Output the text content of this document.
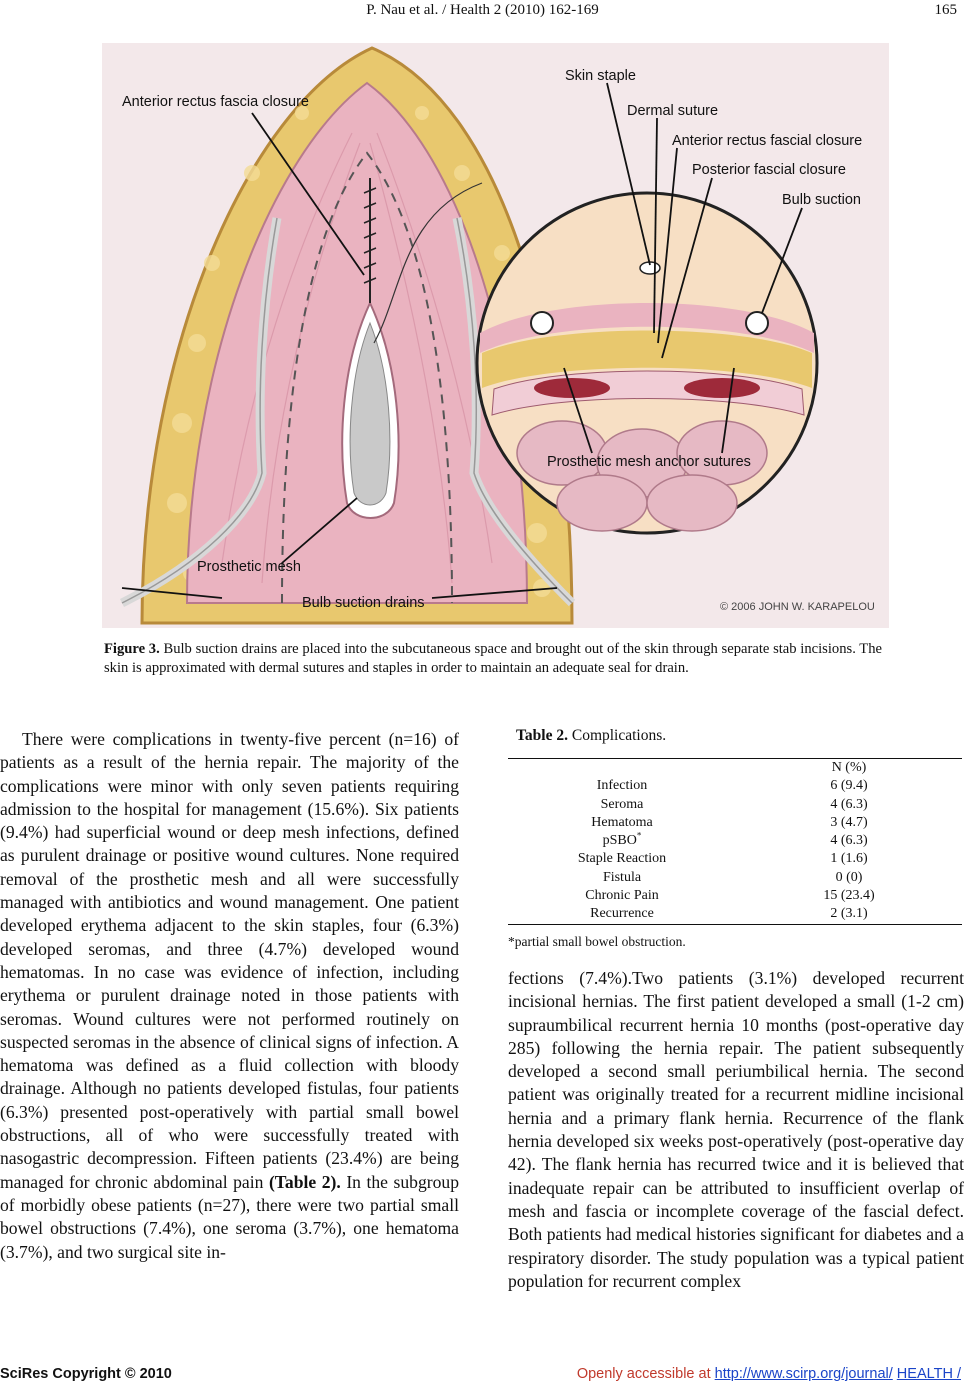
P. Nau et al. / Health 2 (2010) 162-169	165
Anterior rectus fascia closure
Skin staple
Dermal suture
Anterior rectus fascial closure
Posterior fascial closure
Bulb suction
Prosthetic mesh anchor sutures
Prosthetic mesh
Bulb suction drains	© 2006 JOHN W. KARAPELOU
Figure 3. Bulb suction drains are placed into the subcutaneous space and brought out of the skin through separate stab incisions. The skin is approximated with dermal sutures and staples in order to maintain an adequate seal for drain.
There were complications in twenty-five percent (n=16) of patients as a result of the hernia repair. The majority of the complications were minor with only seven patients requiring admission to the hospital for management (15.6%). Six patients (9.4%) had superficial wound or deep mesh infections, defined as purulent drainage or positive wound cultures. None required removal of the prosthetic mesh and all were successfully managed with antibiotics and wound management. One patient developed erythema adjacent to the skin staples, four (6.3%) developed seromas, and three (4.7%) developed wound hematomas. In no case was evidence of infection, including erythema or purulent drainage noted in those patients with seromas. Wound cultures were not performed routinely on suspected seromas in the absence of clinical signs of infection. A hematoma was defined as a fluid collection with bloody drainage. Although no patients developed fistulas, four patients (6.3%) presented post-operatively with partial small bowel obstructions, all of who were successfully treated with nasogastric decompression. Fifteen patients (23.4%) are being managed for chronic abdominal pain (Table 2). In the subgroup of morbidly obese patients (n=27), there were two partial small bowel obstructions (7.4%), one seroma (3.7%), one hematoma (3.7%), and two surgical site in-
Table 2. Complications.
N (%)
Infection	6 (9.4)
Seroma	4 (6.3)
Hematoma	3 (4.7)
pSBO*	4 (6.3)
Staple Reaction	1 (1.6)
Fistula	0 (0)
Chronic Pain	15 (23.4)
Recurrence	2 (3.1)
*partial small bowel obstruction.
fections (7.4%).Two patients (3.1%) developed recurrent incisional hernias. The first patient developed a small (1-2 cm) supraumbilical recurrent hernia 10 months (post-operative day 285) following the hernia repair. The patient subsequently developed a second small periumbilical hernia. The second patient was originally treated for a recurrent midline incisional hernia and a primary flank hernia. Recurrence of the flank hernia developed six weeks post-operatively (post-operative day 42). The flank hernia has recurred twice and it is believed that inadequate repair can be attributed to insufficient overlap of mesh and fascia or incomplete coverage of the fascial defect. Both patients had medical histories significant for diabetes and a respiratory disorder. The study population was a typical patient population for recurrent complex
SciRes Copyright © 2010	Openly accessible at http://www.scirp.org/journal/ HEALTH /
